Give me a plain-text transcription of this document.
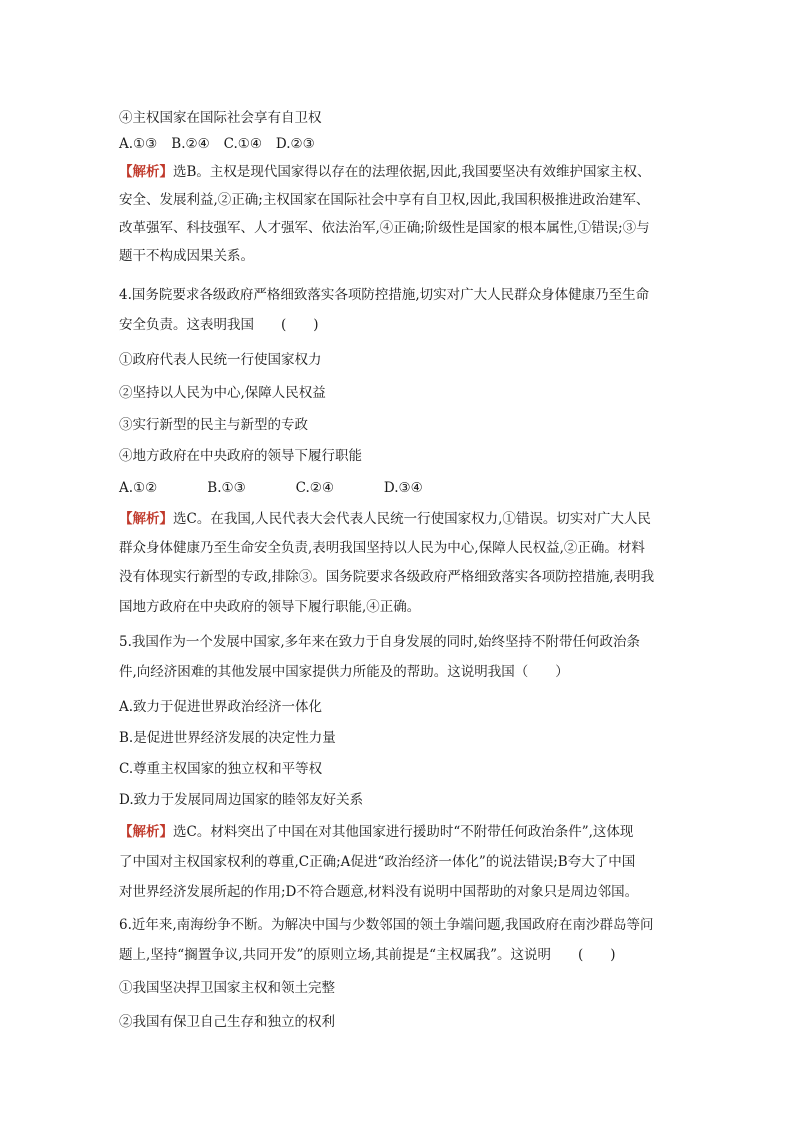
④主权国家在国际社会享有自卫权
A.①③ B.②④ C.①④ D.②③
【解析】选B。主权是现代国家得以存在的法理依据,因此,我国要坚决有效维护国家主权、
安全、发展利益,②正确;主权国家在国际社会中享有自卫权,因此,我国积极推进政治建军、
改革强军、科技强军、人才强军、依法治军,④正确;阶级性是国家的根本属性,①错误;③与
题干不构成因果关系。
4.国务院要求各级政府严格细致落实各项防控措施,切实对广大人民群众身体健康乃至生命
安全负责。这表明我国　　(　　)
①政府代表人民统一行使国家权力
②坚持以人民为中心,保障人民权益
③实行新型的民主与新型的专政
④地方政府在中央政府的领导下履行职能
A.①②	B.①③	C.②④	D.③④
【解析】选C。在我国,人民代表大会代表人民统一行使国家权力,①错误。切实对广大人民
群众身体健康乃至生命安全负责,表明我国坚持以人民为中心,保障人民权益,②正确。材料
没有体现实行新型的专政,排除③。国务院要求各级政府严格细致落实各项防控措施,表明我
国地方政府在中央政府的领导下履行职能,④正确。
5.我国作为一个发展中国家,多年来在致力于自身发展的同时,始终坚持不附带任何政治条
件,向经济困难的其他发展中国家提供力所能及的帮助。这说明我国（　　）
A.致力于促进世界政治经济一体化
B.是促进世界经济发展的决定性力量
C.尊重主权国家的独立权和平等权
D.致力于发展同周边国家的睦邻友好关系
【解析】选C。材料突出了中国在对其他国家进行援助时“不附带任何政治条件”,这体现
了中国对主权国家权利的尊重,C正确;A促进“政治经济一体化”的说法错误;B夸大了中国
对世界经济发展所起的作用;D不符合题意,材料没有说明中国帮助的对象只是周边邻国。
6.近年来,南海纷争不断。为解决中国与少数邻国的领土争端问题,我国政府在南沙群岛等问
题上,坚持“搁置争议,共同开发”的原则立场,其前提是“主权属我”。这说明　　(　　)
①我国坚决捍卫国家主权和领土完整
②我国有保卫自己生存和独立的权利
